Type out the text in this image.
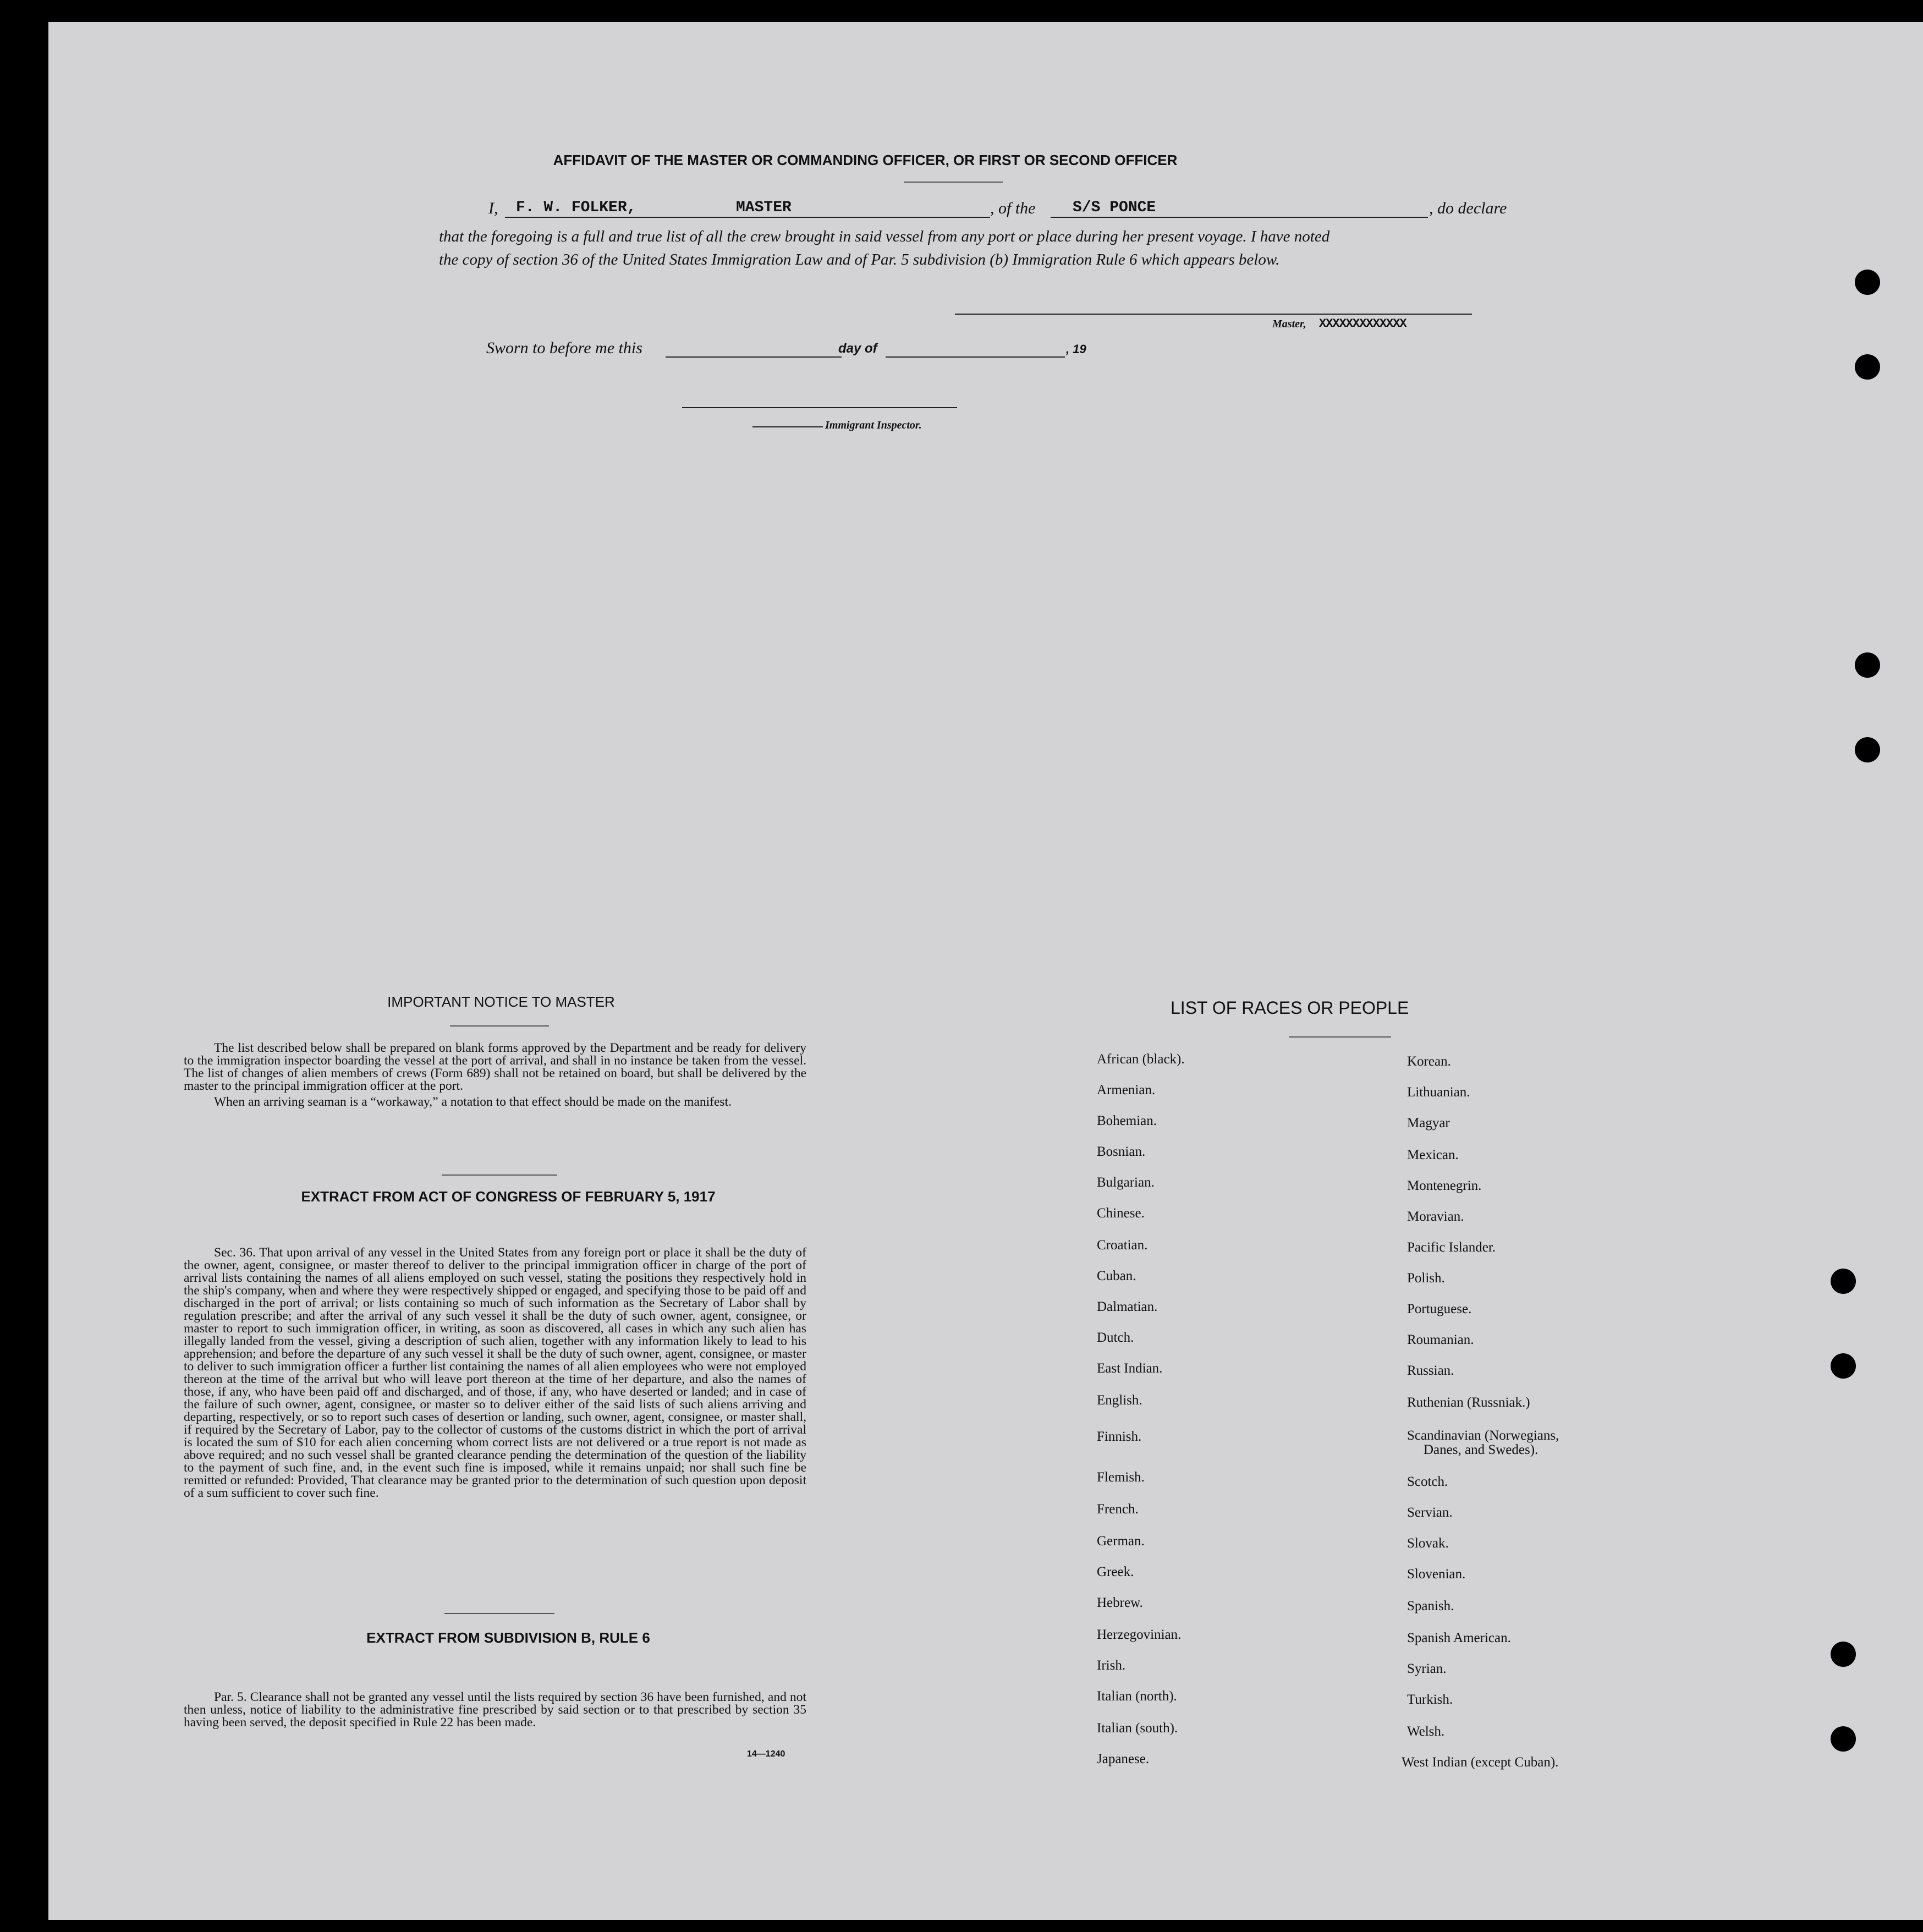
AFFIDAVIT OF THE MASTER OR COMMANDING OFFICER, OR FIRST OR SECOND OFFICER
I, F. W. FOLKER,	MASTER	, of the S/S PONCE	, do declare
that the foregoing is a full and true list of all the crew brought in said vessel from any port or place during her present voyage. I have noted
the copy of section 36 of the United States Immigration Law and of Par. 5 subdivision (b) Immigration Rule 6 which appears below.
Master, XXXXXXXXXXXXX
Sworn to before me this	day of	, 19
Immigrant Inspector.
IMPORTANT NOTICE TO MASTER

The list described below shall be prepared on blank forms approved by the Department and be ready for delivery to the immigration inspector boarding the vessel at the port of arrival, and shall in no instance be taken from the vessel. The list of changes of alien members of crews (Form 689) shall not be retained on board, but shall be delivered by the master to the principal immigration officer at the port.

When an arriving seaman is a “workaway,” a notation to that effect should be made on the manifest.

EXTRACT FROM ACT OF CONGRESS OF FEBRUARY 5, 1917

Sec. 36. That upon arrival of any vessel in the United States from any foreign port or place it shall be the duty of the owner, agent, consignee, or master thereof to deliver to the principal immigration officer in charge of the port of arrival lists containing the names of all aliens employed on such vessel, stating the positions they respectively hold in the ship's company, when and where they were respectively shipped or engaged, and specifying those to be paid off and discharged in the port of arrival; or lists containing so much of such information as the Secretary of Labor shall by regulation prescribe; and after the arrival of any such vessel it shall be the duty of such owner, agent, consignee, or master to report to such immigration officer, in writing, as soon as discovered, all cases in which any such alien has illegally landed from the vessel, giving a description of such alien, together with any information likely to lead to his apprehension; and before the departure of any such vessel it shall be the duty of such owner, agent, consignee, or master to deliver to such immigration officer a further list containing the names of all alien employees who were not employed thereon at the time of the arrival but who will leave port thereon at the time of her departure, and also the names of those, if any, who have been paid off and discharged, and of those, if any, who have deserted or landed; and in case of the failure of such owner, agent, consignee, or master so to deliver either of the said lists of such aliens arriving and departing, respectively, or so to report such cases of desertion or landing, such owner, agent, consignee, or master shall, if required by the Secretary of Labor, pay to the collector of customs of the customs district in which the port of arrival is located the sum of $10 for each alien concerning whom correct lists are not delivered or a true report is not made as above required; and no such vessel shall be granted clearance pending the determination of the question of the liability to the payment of such fine, and, in the event such fine is imposed, while it remains unpaid; nor shall such fine be remitted or refunded: Provided, That clearance may be granted prior to the determination of such question upon deposit of a sum sufficient to cover such fine.

EXTRACT FROM SUBDIVISION B, RULE 6

Par. 5. Clearance shall not be granted any vessel until the lists required by section 36 have been furnished, and not then unless, notice of liability to the administrative fine prescribed by said section or to that prescribed by section 35 having been served, the deposit specified in Rule 22 has been made.

14—1240
LIST OF RACES OR PEOPLE
African (black).
Armenian.
Bohemian.
Bosnian.
Bulgarian.
Chinese.
Croatian.
Cuban.
Dalmatian.
Dutch.
East Indian.
English.
Finnish.
Flemish.
French.
German.
Greek.
Hebrew.
Herzegovinian.
Irish.
Italian (north).
Italian (south).
Japanese.
Korean.
Lithuanian.
Magyar
Mexican.
Montenegrin.
Moravian.
Pacific Islander.
Polish.
Portuguese.
Roumanian.
Russian.
Ruthenian (Russniak.)
Scandinavian (Norwegians,
Danes, and Swedes).
Scotch.
Servian.
Slovak.
Slovenian.
Spanish.
Spanish American.
Syrian.
Turkish.
Welsh.
West Indian (except Cuban).
